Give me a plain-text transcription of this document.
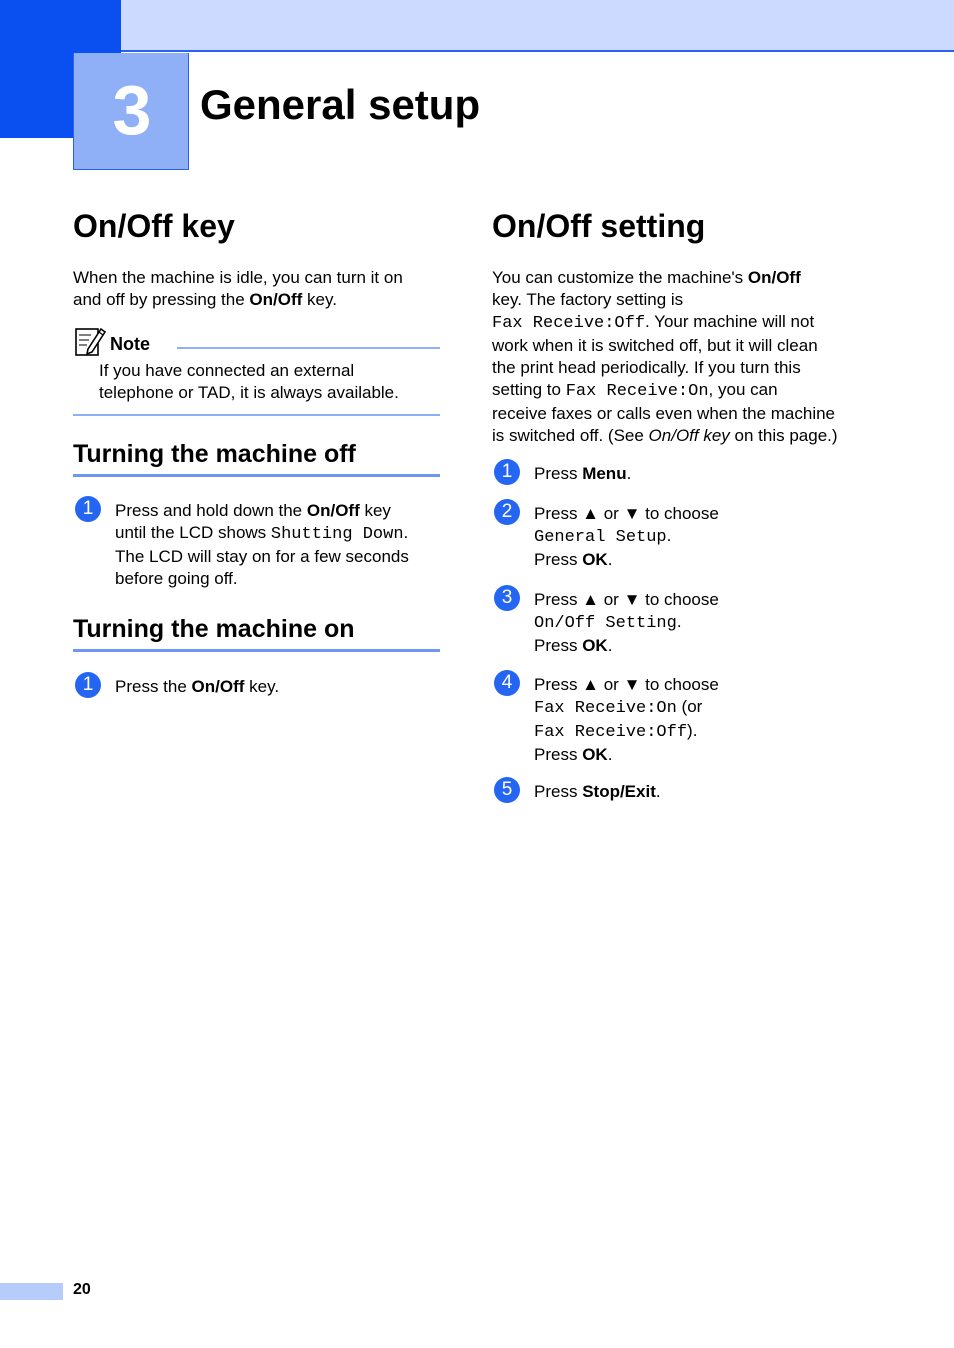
3	General setup
On/Off key
When the machine is idle, you can turn it on
and off by pressing the On/Off key.
Note
If you have connected an external
telephone or TAD, it is always available.
Turning the machine off
1	Press and hold down the On/Off key
until the LCD shows Shutting Down.
The LCD will stay on for a few seconds
before going off.
Turning the machine on
1	Press the On/Off key.
On/Off setting
You can customize the machine's On/Off
key. The factory setting is
Fax Receive:Off. Your machine will not
work when it is switched off, but it will clean
the print head periodically. If you turn this
setting to Fax Receive:On, you can
receive faxes or calls even when the machine
is switched off. (See On/Off key on this page.)
1	Press Menu.
2	Press ▲ or ▼ to choose
General Setup.
Press OK.
3	Press ▲ or ▼ to choose
On/Off Setting.
Press OK.
4	Press ▲ or ▼ to choose
Fax Receive:On (or
Fax Receive:Off).
Press OK.
5	Press Stop/Exit.
20
